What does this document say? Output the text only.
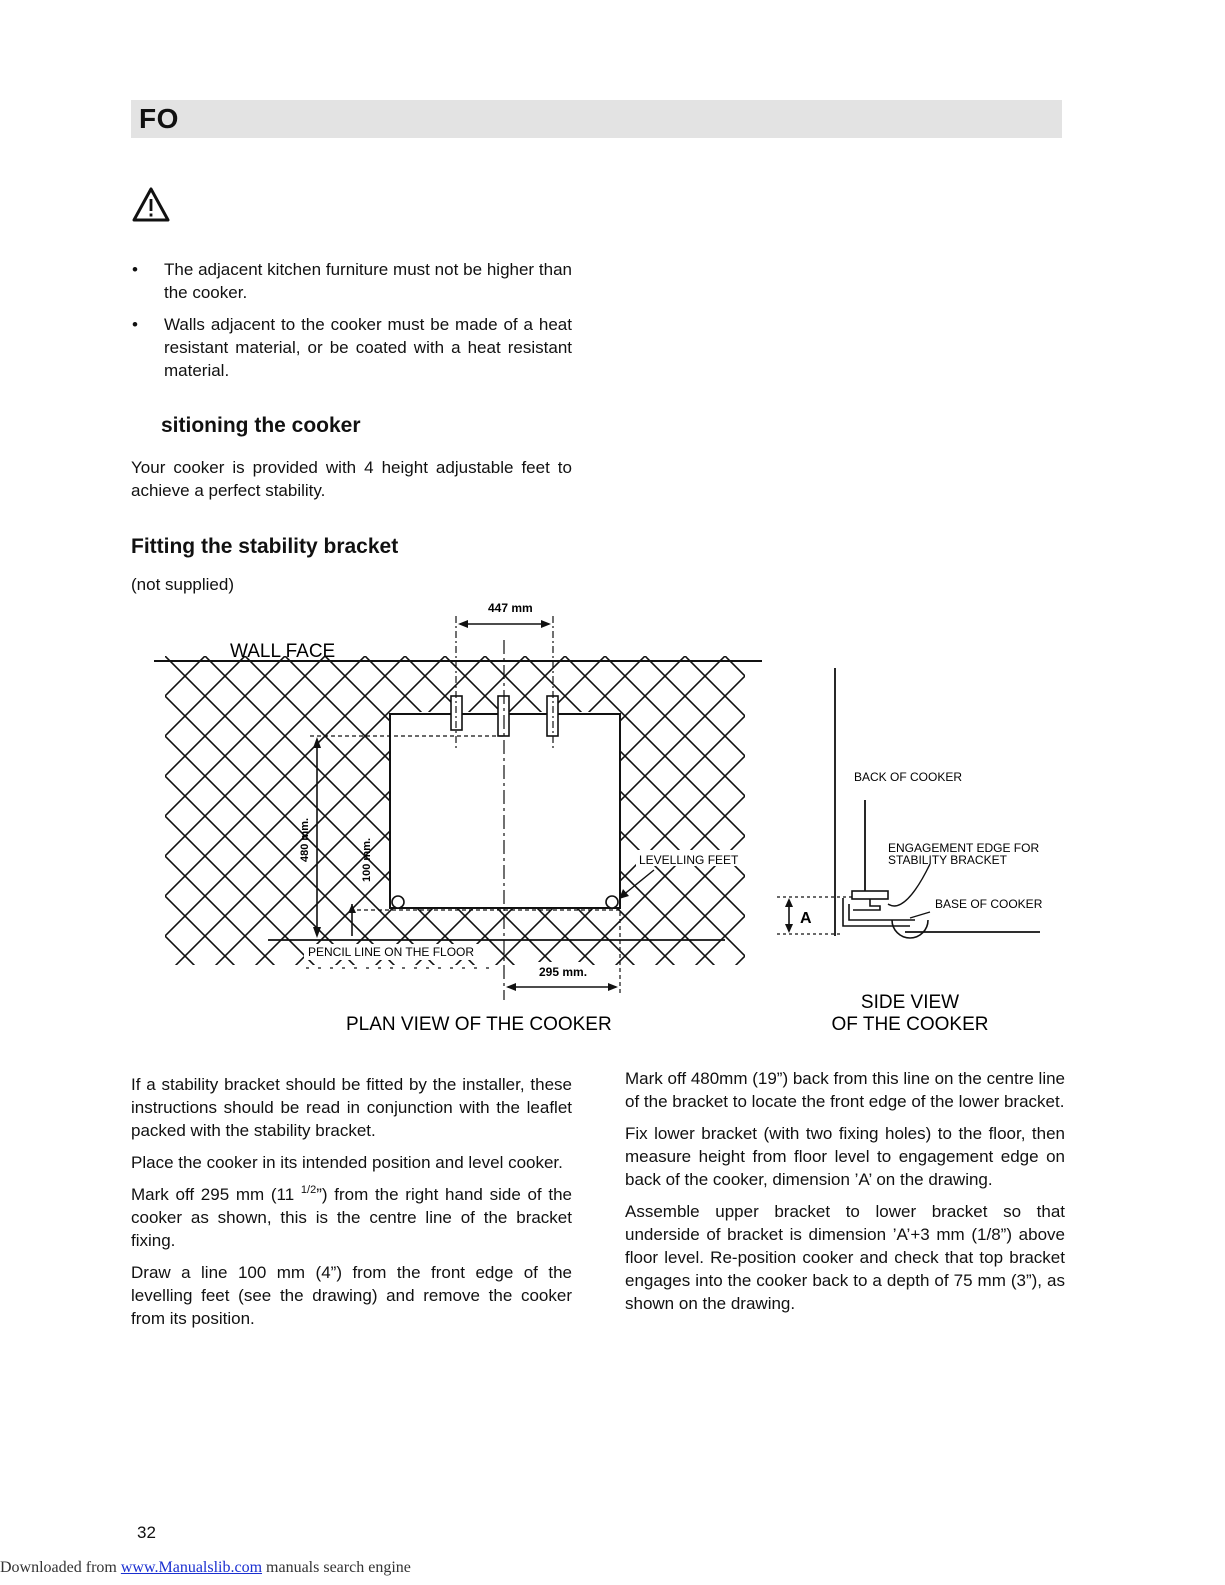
FO
• The adjacent kitchen furniture must not be higher than the cooker.
• Walls adjacent to the cooker must be made of a heat resistant material, or be coated with a heat resistant material.
sitioning the cooker
Your cooker is provided with 4 height adjustable feet to achieve a perfect stability.
Fitting the stability bracket
(not supplied)
WALL FACE
447 mm
480 mm.	100 mm.	LEVELLING FEET
PENCIL LINE ON THE FLOOR
295 mm.
PLAN VIEW OF THE COOKER
BACK OF COOKER
ENGAGEMENT EDGE FOR
STABILITY BRACKET
BASE OF COOKER
A
SIDE VIEW
OF THE COOKER

If a stability bracket should be fitted by the installer, these instructions should be read in conjunction with the leaflet packed with the stability bracket.

Place the cooker in its intended position and level cooker.

Mark off 295 mm (11 $^{1/2}$”) from the right hand side of the cooker as shown, this is the centre line of the bracket fixing.

Draw a line 100 mm (4”) from the front edge of the levelling feet (see the drawing) and remove the cooker from its position.

Mark off 480mm (19”) back from this line on the centre line of the bracket to locate the front edge of the lower bracket.

Fix lower bracket (with two fixing holes) to the floor, then measure height from floor level to engagement edge on back of the cooker, dimension ’A’ on the drawing.

Assemble upper bracket to lower bracket so that underside of bracket is dimension ’A’+3 mm (1/8”) above floor level. Re-position cooker and check that top bracket engages into the cooker back to a depth of 75 mm (3”), as shown on the drawing.

32
Downloaded from www.Manualslib.com manuals search engine
